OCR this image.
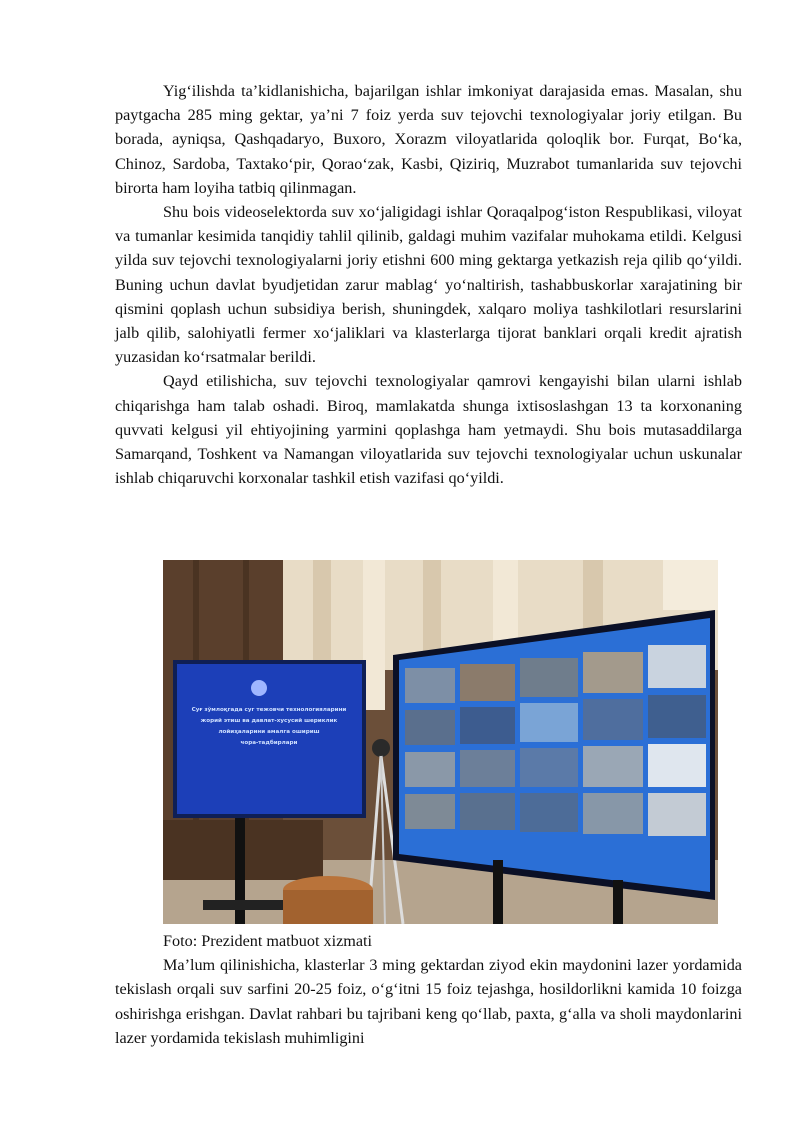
Yig‘ilishda ta’kidlanishicha, bajarilgan ishlar imkoniyat darajasida emas. Masalan, shu paytgacha 285 ming gektar, ya’ni 7 foiz yerda suv tejovchi texnologiyalar joriy etilgan. Bu borada, ayniqsa, Qashqadaryo, Buxoro, Xorazm viloyatlarida qoloqlik bor. Furqat, Bo‘ka, Chinoz, Sardoba, Taxtako‘pir, Qorao‘zak, Kasbi, Qiziriq, Muzrabot tumanlarida suv tejovchi birorta ham loyiha tatbiq qilinmagan.

Shu bois videoselektorda suv xo‘jaligidagi ishlar Qoraqalpog‘iston Respublikasi, viloyat va tumanlar kesimida tanqidiy tahlil qilinib, galdagi muhim vazifalar muhokama etildi. Kelgusi yilda suv tejovchi texnologiyalarni joriy etishni 600 ming gektarga yetkazish reja qilib qo‘yildi. Buning uchun davlat byudjetidan zarur mablag‘ yo‘naltirish, tashabbuskorlar xarajatining bir qismini qoplash uchun subsidiya berish, shuningdek, xalqaro moliya tashkilotlari resurslarini jalb qilib, salohiyatli fermer xo‘jaliklari va klasterlarga tijorat banklari orqali kredit ajratish yuzasidan ko‘rsatmalar berildi.

Qayd etilishicha, suv tejovchi texnologiyalar qamrovi kengayishi bilan ularni ishlab chiqarishga ham talab oshadi. Biroq, mamlakatda shunga ixtisoslashgan 13 ta korxonaning quvvati kelgusi yil ehtiyojining yarmini qoplashga ham yetmaydi. Shu bois mutasaddilarga Samarqand, Toshkent va Namangan viloyatlarida suv tejovchi texnologiyalar uchun uskunalar ishlab chiqaruvchi korxonalar tashkil etish vazifasi qo‘yildi.

Суғ зўмлоқгада суг тежовчи технологияларини
жорий этиш ва давлат-хусусий шериклик
лойиҳаларини амалга ошириш
чора-тадбирлари

Foto: Prezident matbuot xizmati

Ma’lum qilinishicha, klasterlar 3 ming gektardan ziyod ekin maydonini lazer yordamida tekislash orqali suv sarfini 20-25 foiz, o‘g‘itni 15 foiz tejashga, hosildorlikni kamida 10 foizga oshirishga erishgan. Davlat rahbari bu tajribani keng qo‘llab, paxta, g‘alla va sholi maydonlarini lazer yordamida tekislash muhimligini
